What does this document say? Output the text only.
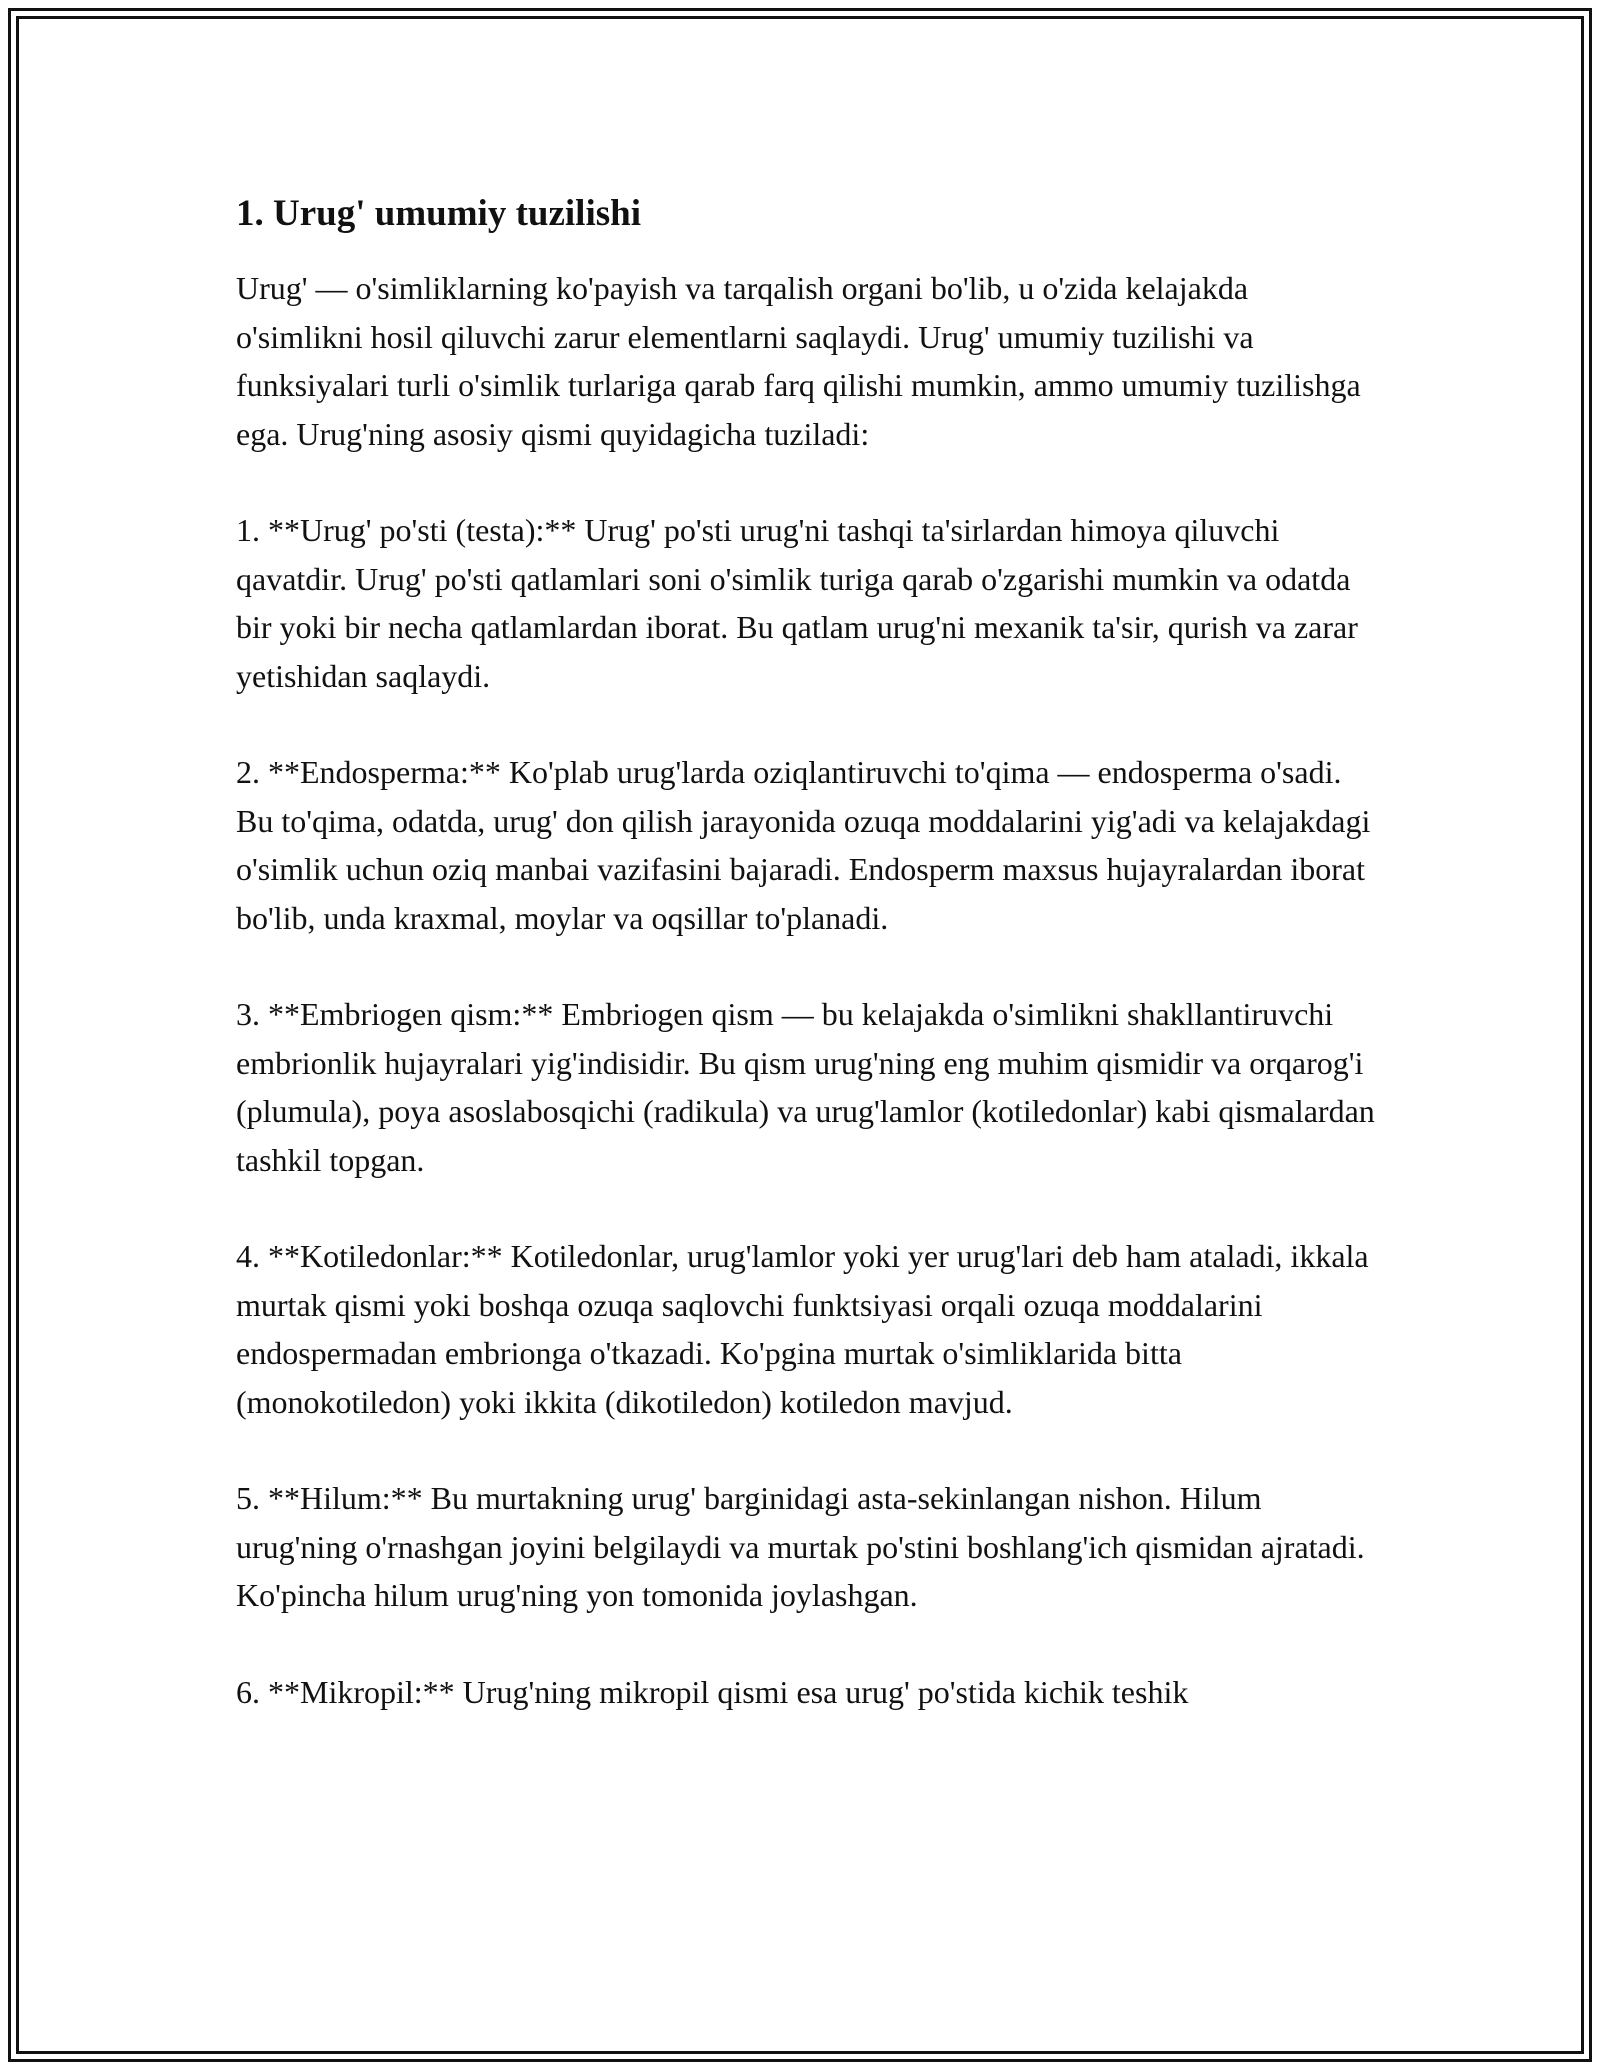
1. Urug' umumiy tuzilishi

Urug' — o'simliklarning ko'payish va tarqalish organi bo'lib, u o'zida kelajakda o'simlikni hosil qiluvchi zarur elementlarni saqlaydi. Urug' umumiy tuzilishi va funksiyalari turli o'simlik turlariga qarab farq qilishi mumkin, ammo umumiy tuzilishga ega. Urug'ning asosiy qismi quyidagicha tuziladi:

1. **Urug' po'sti (testa):** Urug' po'sti urug'ni tashqi ta'sirlardan himoya qiluvchi qavatdir. Urug' po'sti qatlamlari soni o'simlik turiga qarab o'zgarishi mumkin va odatda bir yoki bir necha qatlamlardan iborat. Bu qatlam urug'ni mexanik ta'sir, qurish va zarar yetishidan saqlaydi.

2. **Endosperma:** Ko'plab urug'larda oziqlantiruvchi to'qima — endosperma o'sadi. Bu to'qima, odatda, urug' don qilish jarayonida ozuqa moddalarini yig'adi va kelajakdagi o'simlik uchun oziq manbai vazifasini bajaradi. Endosperm maxsus hujayralardan iborat bo'lib, unda kraxmal, moylar va oqsillar to'planadi.

3. **Embriogen qism:** Embriogen qism — bu kelajakda o'simlikni shakllantiruvchi embrionlik hujayralari yig'indisidir. Bu qism urug'ning eng muhim qismidir va orqarog'i (plumula), poya asoslabosqichi (radikula) va urug'lamlor (kotiledonlar) kabi qismalardan tashkil topgan.

4. **Kotiledonlar:** Kotiledonlar, urug'lamlor yoki yer urug'lari deb ham ataladi, ikkala murtak qismi yoki boshqa ozuqa saqlovchi funktsiyasi orqali ozuqa moddalarini endospermadan embrionga o'tkazadi. Ko'pgina murtak o'simliklarida bitta (monokotiledon) yoki ikkita (dikotiledon) kotiledon mavjud.

5. **Hilum:** Bu murtakning urug' barginidagi asta-sekinlangan nishon. Hilum urug'ning o'rnashgan joyini belgilaydi va murtak po'stini boshlang'ich qismidan ajratadi. Ko'pincha hilum urug'ning yon tomonida joylashgan.

6. **Mikropil:** Urug'ning mikropil qismi esa urug' po'stida kichik teshik
